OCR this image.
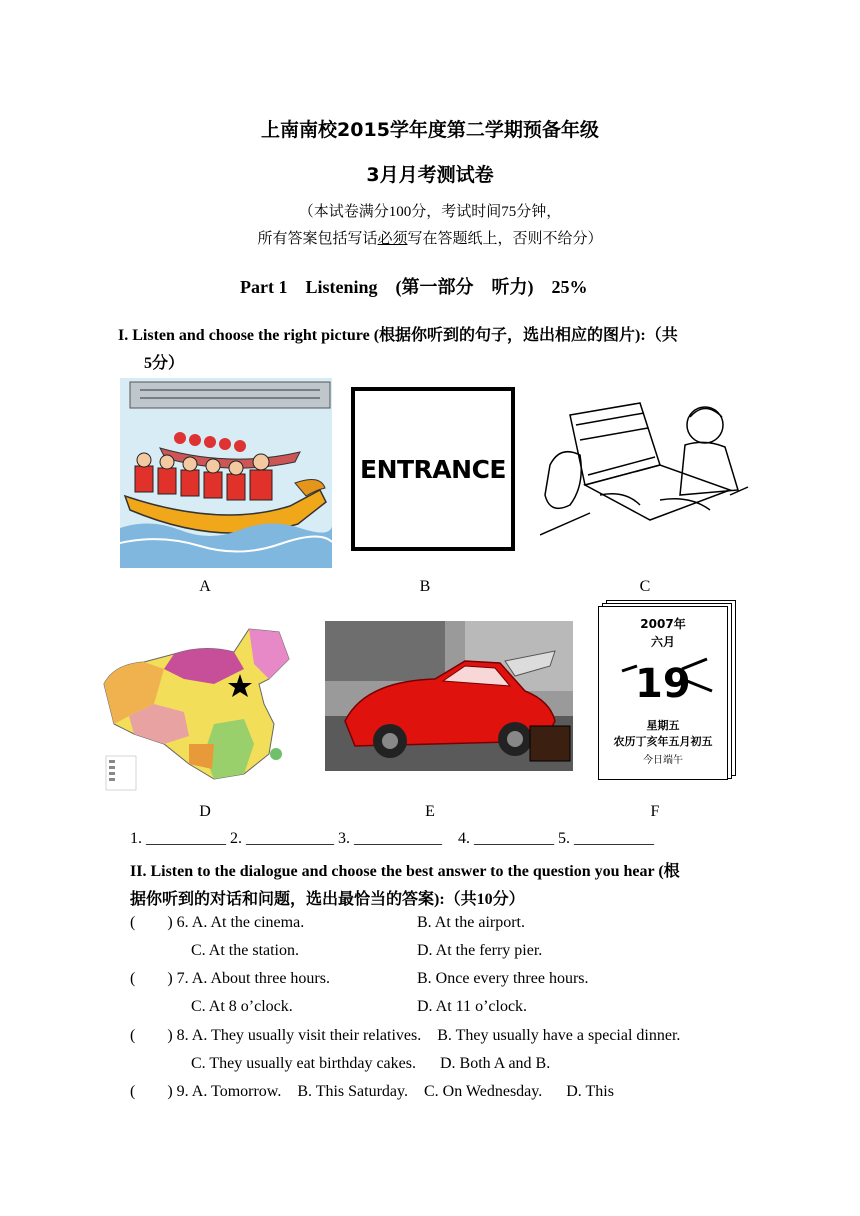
上南南校2015学年度第二学期预备年级
3月月考测试卷
（本试卷满分100分，考试时间75分钟，
所有答案包括写话必须写在答题纸上，否则不给分）
Part 1    Listening    (第一部分    听力)    25%
I. Listen and choose the right picture (根据你听到的句子，选出相应的图片):（共
5分）
A
ENTRANCE
B	C
D	E
2007年
六月
19
星期五
农历丁亥年五月初五
今日端午
F
1. __________ 2. ___________ 3. ___________    4. __________ 5. __________
II. Listen to the dialogue and choose the best answer to the question you hear (根
据你听到的对话和问题，选出最恰当的答案):（共10分）
(        ) 6. A. At the cinema.	B. At the airport.
C. At the station.	D. At the ferry pier.
(        ) 7. A. About three hours.	B. Once every three hours.
C. At 8 o’clock.	D. At 11 o’clock.
(        ) 8. A. They usually visit their relatives.    B. They usually have a special dinner.
C. They usually eat birthday cakes.      D. Both A and B.
(        ) 9. A. Tomorrow.    B. This Saturday.    C. On Wednesday.      D. This
